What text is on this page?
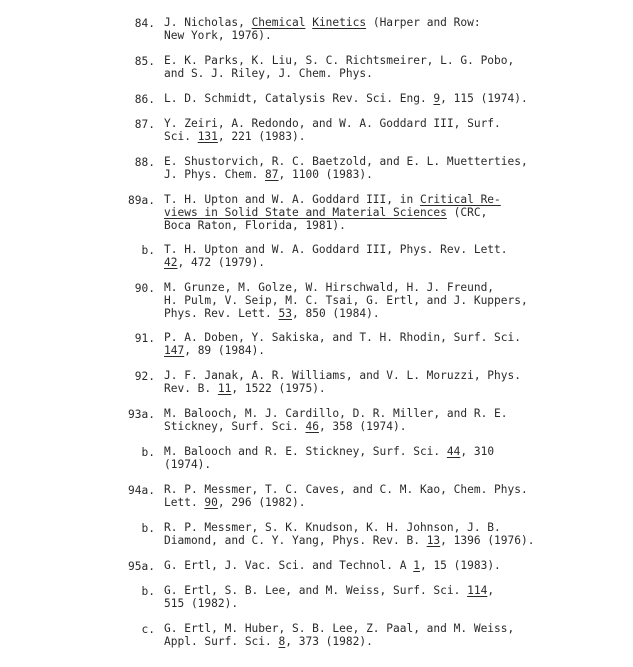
84. J. Nicholas, Chemical Kinetics (Harper and Row:
New York, 1976).
85. E. K. Parks, K. Liu, S. C. Richtsmeirer, L. G. Pobo,
and S. J. Riley, J. Chem. Phys.
86. L. D. Schmidt, Catalysis Rev. Sci. Eng. 9, 115 (1974).
87. Y. Zeiri, A. Redondo, and W. A. Goddard III, Surf.
Sci. 131, 221 (1983).
88. E. Shustorvich, R. C. Baetzold, and E. L. Muetterties,
J. Phys. Chem. 87, 1100 (1983).
89a. T. H. Upton and W. A. Goddard III, in Critical Re-
views in Solid State and Material Sciences (CRC,
Boca Raton, Florida, 1981).
b. T. H. Upton and W. A. Goddard III, Phys. Rev. Lett.
42, 472 (1979).
90. M. Grunze, M. Golze, W. Hirschwald, H. J. Freund,
H. Pulm, V. Seip, M. C. Tsai, G. Ertl, and J. Kuppers,
Phys. Rev. Lett. 53, 850 (1984).
91. P. A. Doben, Y. Sakiska, and T. H. Rhodin, Surf. Sci.
147, 89 (1984).
92. J. F. Janak, A. R. Williams, and V. L. Moruzzi, Phys.
Rev. B. 11, 1522 (1975).
93a. M. Balooch, M. J. Cardillo, D. R. Miller, and R. E.
Stickney, Surf. Sci. 46, 358 (1974).
b. M. Balooch and R. E. Stickney, Surf. Sci. 44, 310
(1974).
94a. R. P. Messmer, T. C. Caves, and C. M. Kao, Chem. Phys.
Lett. 90, 296 (1982).
b. R. P. Messmer, S. K. Knudson, K. H. Johnson, J. B.
Diamond, and C. Y. Yang, Phys. Rev. B. 13, 1396 (1976).
95a. G. Ertl, J. Vac. Sci. and Technol. A 1, 15 (1983).
b. G. Ertl, S. B. Lee, and M. Weiss, Surf. Sci. 114,
515 (1982).
c. G. Ertl, M. Huber, S. B. Lee, Z. Paal, and M. Weiss,
Appl. Surf. Sci. 8, 373 (1982).
